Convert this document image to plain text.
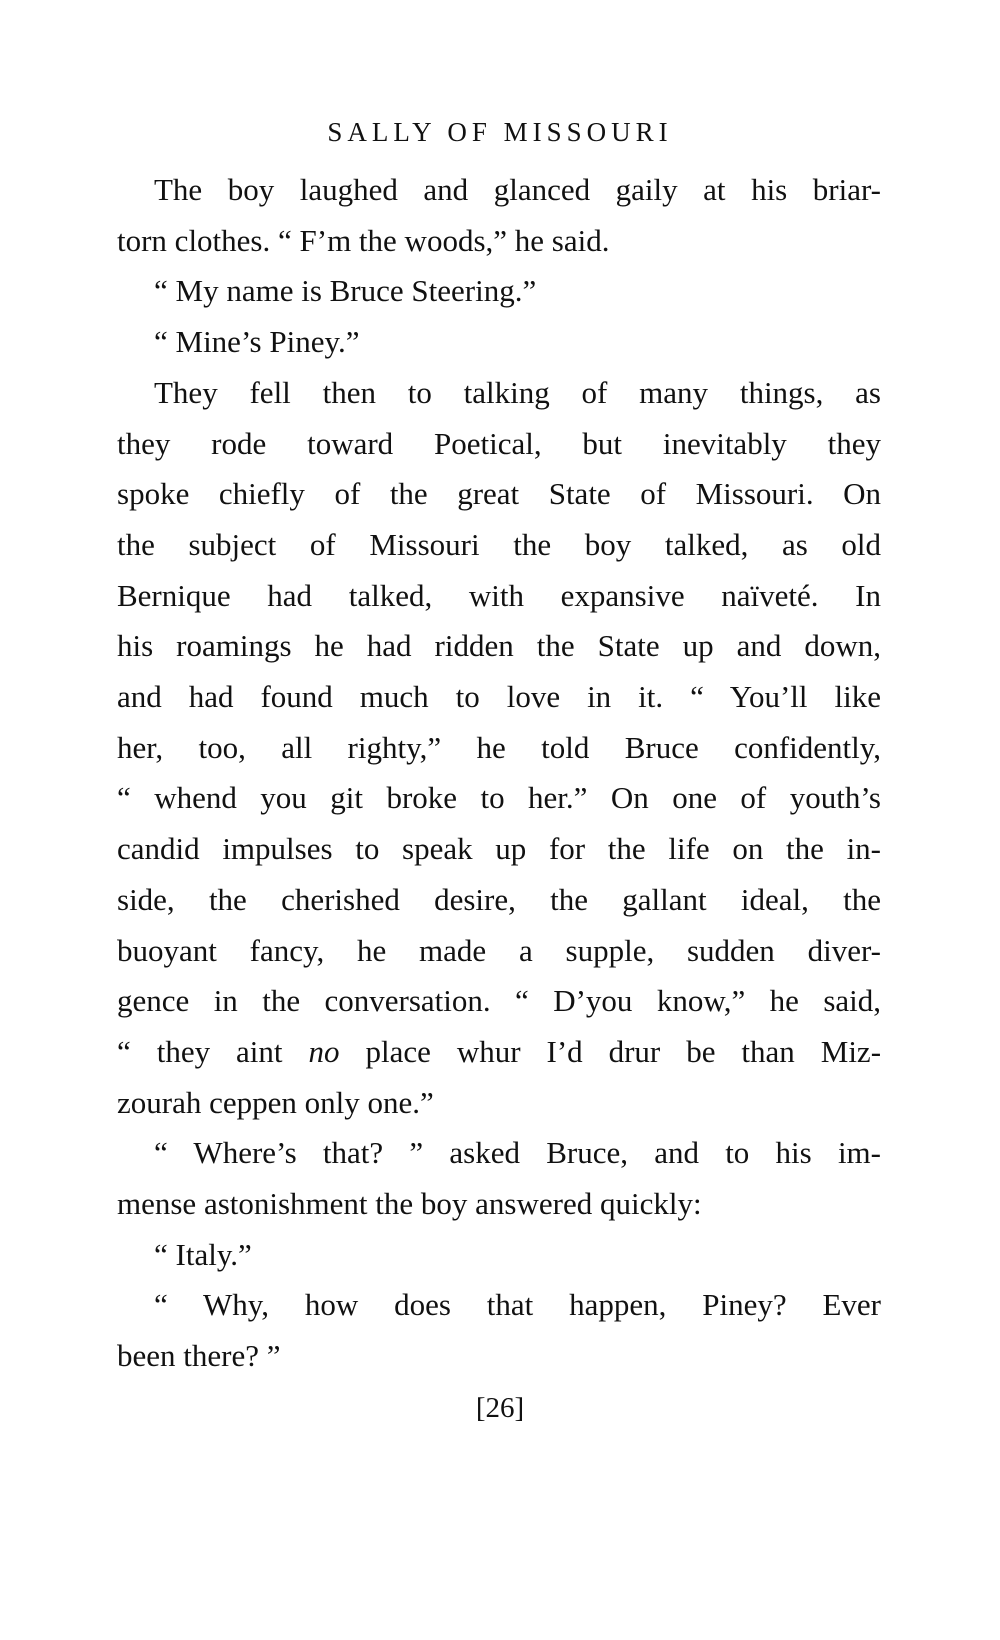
SALLY OF MISSOURI
The boy laughed and glanced gaily at his briar-
torn clothes. “ F’m the woods,” he said.
“ My name is Bruce Steering.”
“ Mine’s Piney.”
They fell then to talking of many things, as
they rode toward Poetical, but inevitably they
spoke chiefly of the great State of Missouri. On
the subject of Missouri the boy talked, as old
Bernique had talked, with expansive naïveté. In
his roamings he had ridden the State up and down,
and had found much to love in it. “ You’ll like
her, too, all righty,” he told Bruce confidently,
“ whend you git broke to her.” On one of youth’s
candid impulses to speak up for the life on the in-
side, the cherished desire, the gallant ideal, the
buoyant fancy, he made a supple, sudden diver-
gence in the conversation. “ D’you know,” he said,
“ they aint no place whur I’d drur be than Miz-
zourah ceppen only one.”
“ Where’s that? ” asked Bruce, and to his im-
mense astonishment the boy answered quickly:
“ Italy.”
“ Why, how does that happen, Piney? Ever
been there? ”
[26]
